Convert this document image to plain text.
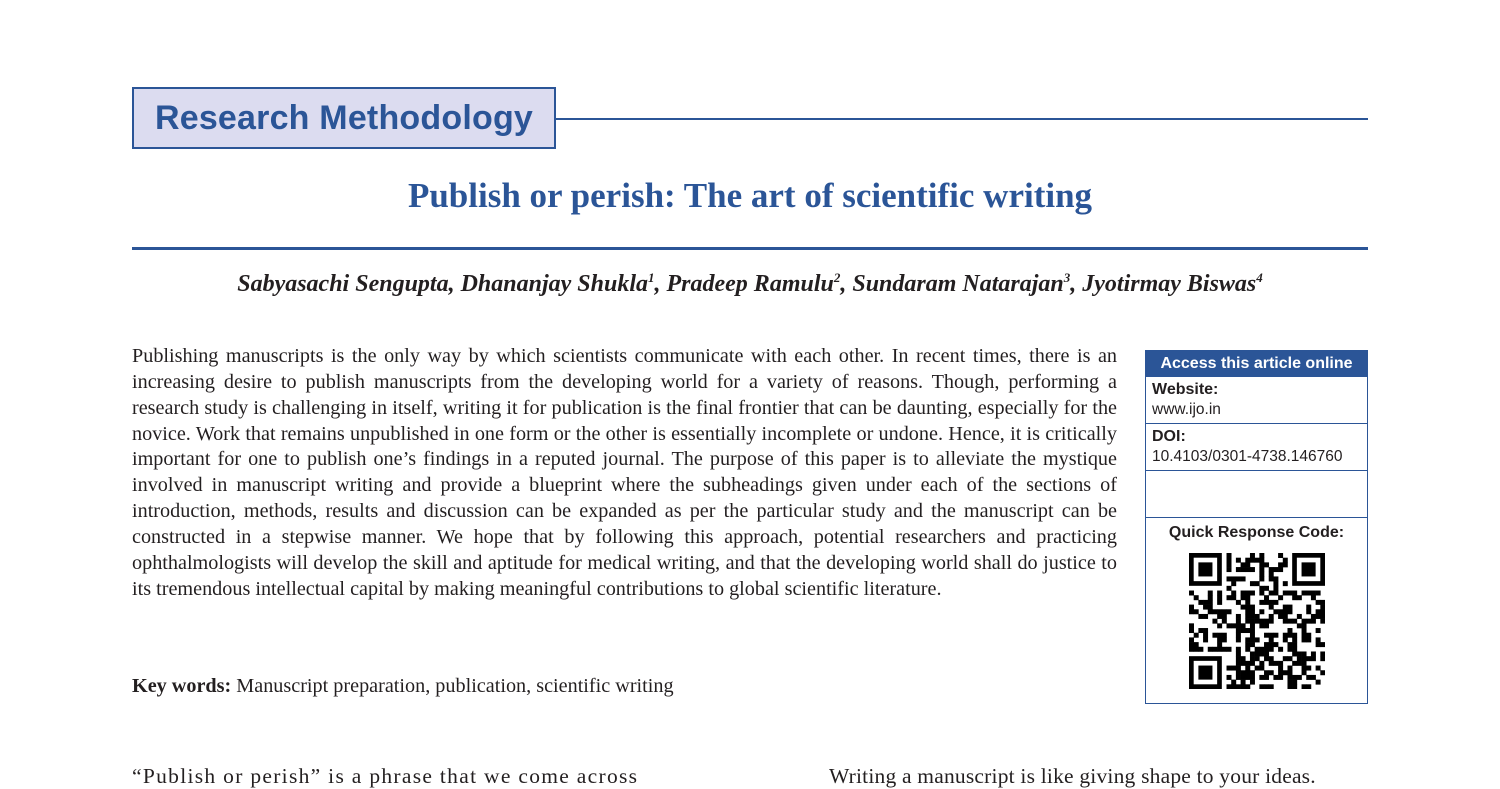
Research Methodology
Publish or perish: The art of scientific writing
Sabyasachi Sengupta, Dhananjay Shukla$^1$, Pradeep Ramulu$^2$, Sundaram Natarajan$^3$, Jyotirmay Biswas$^4$

Publishing manuscripts is the only way by which scientists communicate with each other. In recent times, there is an increasing desire to publish manuscripts from the developing world for a variety of reasons. Though, performing a research study is challenging in itself, writing it for publication is the final frontier that can be daunting, especially for the novice. Work that remains unpublished in one form or the other is essentially incomplete or undone. Hence, it is critically important for one to publish one’s findings in a reputed journal. The purpose of this paper is to alleviate the mystique involved in manuscript writing and provide a blueprint where the subheadings given under each of the sections of introduction, methods, results and discussion can be expanded as per the particular study and the manuscript can be constructed in a stepwise manner. We hope that by following this approach, potential researchers and practicing ophthalmologists will develop the skill and aptitude for medical writing, and that the developing world shall do justice to its tremendous intellectual capital by making meaningful contributions to global scientific literature.

Key words: Manuscript preparation, publication, scientific writing
Access this article online
Website:
www.ijo.in
DOI:
10.4103/0301-4738.146760
Quick Response Code:
“Publish or perish” is a phrase that we come across	Writing a manuscript is like giving shape to your ideas.
